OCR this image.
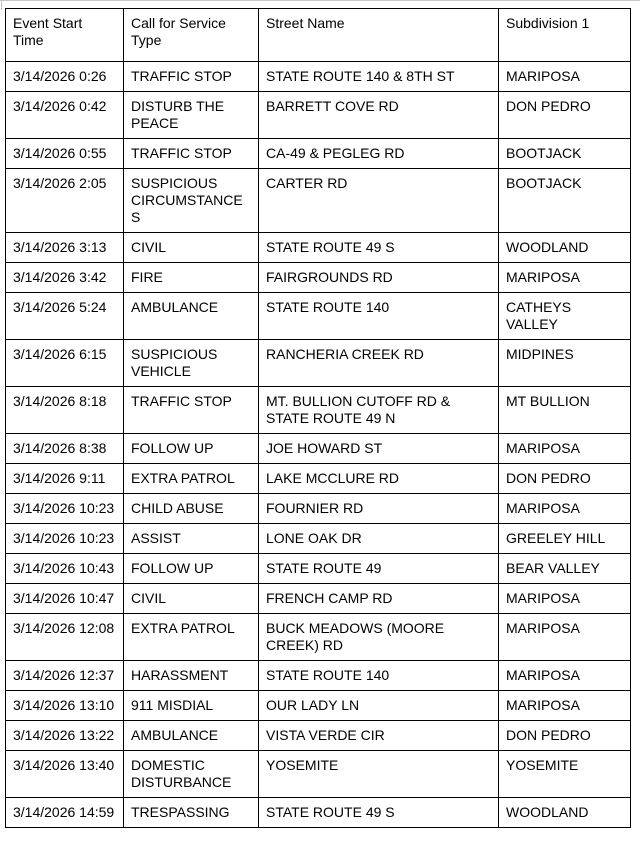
Event Start Time	Call for Service Type	Street Name	Subdivision 1
3/14/2026 0:26	TRAFFIC STOP	STATE ROUTE 140 & 8TH ST	MARIPOSA
3/14/2026 0:42	DISTURB THE PEACE	BARRETT COVE RD	DON PEDRO
3/14/2026 0:55	TRAFFIC STOP	CA-49 & PEGLEG RD	BOOTJACK
3/14/2026 2:05	SUSPICIOUS CIRCUMSTANCES	CARTER RD	BOOTJACK
3/14/2026 3:13	CIVIL	STATE ROUTE 49 S	WOODLAND
3/14/2026 3:42	FIRE	FAIRGROUNDS RD	MARIPOSA
3/14/2026 5:24	AMBULANCE	STATE ROUTE 140	CATHEYS VALLEY
3/14/2026 6:15	SUSPICIOUS VEHICLE	RANCHERIA CREEK RD	MIDPINES
3/14/2026 8:18	TRAFFIC STOP	MT. BULLION CUTOFF RD & STATE ROUTE 49 N	MT BULLION
3/14/2026 8:38	FOLLOW UP	JOE HOWARD ST	MARIPOSA
3/14/2026 9:11	EXTRA PATROL	LAKE MCCLURE RD	DON PEDRO
3/14/2026 10:23	CHILD ABUSE	FOURNIER RD	MARIPOSA
3/14/2026 10:23	ASSIST	LONE OAK DR	GREELEY HILL
3/14/2026 10:43	FOLLOW UP	STATE ROUTE 49	BEAR VALLEY
3/14/2026 10:47	CIVIL	FRENCH CAMP RD	MARIPOSA
3/14/2026 12:08	EXTRA PATROL	BUCK MEADOWS (MOORE CREEK) RD	MARIPOSA
3/14/2026 12:37	HARASSMENT	STATE ROUTE 140	MARIPOSA
3/14/2026 13:10	911 MISDIAL	OUR LADY LN	MARIPOSA
3/14/2026 13:22	AMBULANCE	VISTA VERDE CIR	DON PEDRO
3/14/2026 13:40	DOMESTIC DISTURBANCE	YOSEMITE	YOSEMITE
3/14/2026 14:59	TRESPASSING	STATE ROUTE 49 S	WOODLAND
